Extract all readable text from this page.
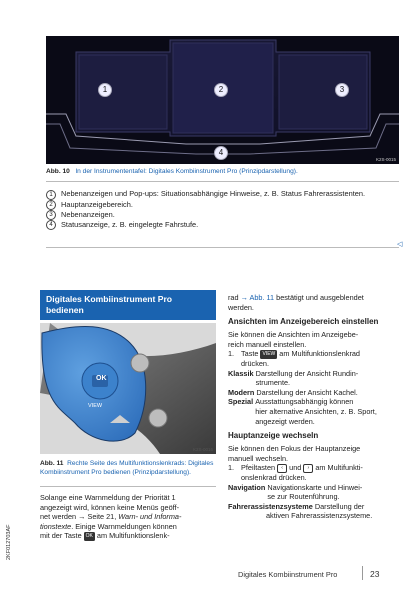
1	2	3
4
K2S-0015
Abb. 10 In der Instrumententafel: Digitales Kombiinstrument Pro (Prinzipdarstellung).
1	Nebenanzeigen und Pop-ups: Situationsabhängige Hinweise, z. B. Status Fahrerassistenten.
2 Hauptanzeigebereich.
3 Nebenanzeigen.
4 Statusanzeige, z. B. eingelegte Fahrstufe.
◁
Digitales Kombiinstrument Pro
bedienen
OK
VIEW
K2S-0016
Abb. 11 Rechte Seite des Multifunktionslenkrads: Digitales Kombiinstrument Pro bedienen (Prinzipdarstellung).
Solange eine Warnmeldung der Priorität 1
angezeigt wird, können keine Menüs geöff-
net werden → Seite 21, Warn- und Informa-
tionstexte. Einige Warnmeldungen können
mit der Taste OK am Multifunktionslenk-
rad → Abb. 11 bestätigt und ausgeblendet
werden.
Ansichten im Anzeigebereich einstellen
Sie können die Ansichten im Anzeigebe-
reich manuell einstellen.
1. Taste VIEW am Multifunktionslenkrad
drücken.
Klassik
Darstellung der Ansicht Rundin-
strumente.
Modern Darstellung der Ansicht Kachel.
Spezial
Ausstattungsabhängig können
hier alternative Ansichten, z. B. Sport,
angezeigt werden.
Hauptanzeige wechseln
Sie können den Fokus der Hauptanzeige
manuell wechseln.
1. Pfeiltasten ‹ und › am Multifunkti-
onslenkrad drücken.
Navigation
Navigationskarte und Hinwei-
se zur Routenführung.
Fahrerassistenzsysteme Darstellung der
aktiven Fahrerassistenzsysteme.
2KF012703AF
Digitales Kombiinstrument Pro	23
